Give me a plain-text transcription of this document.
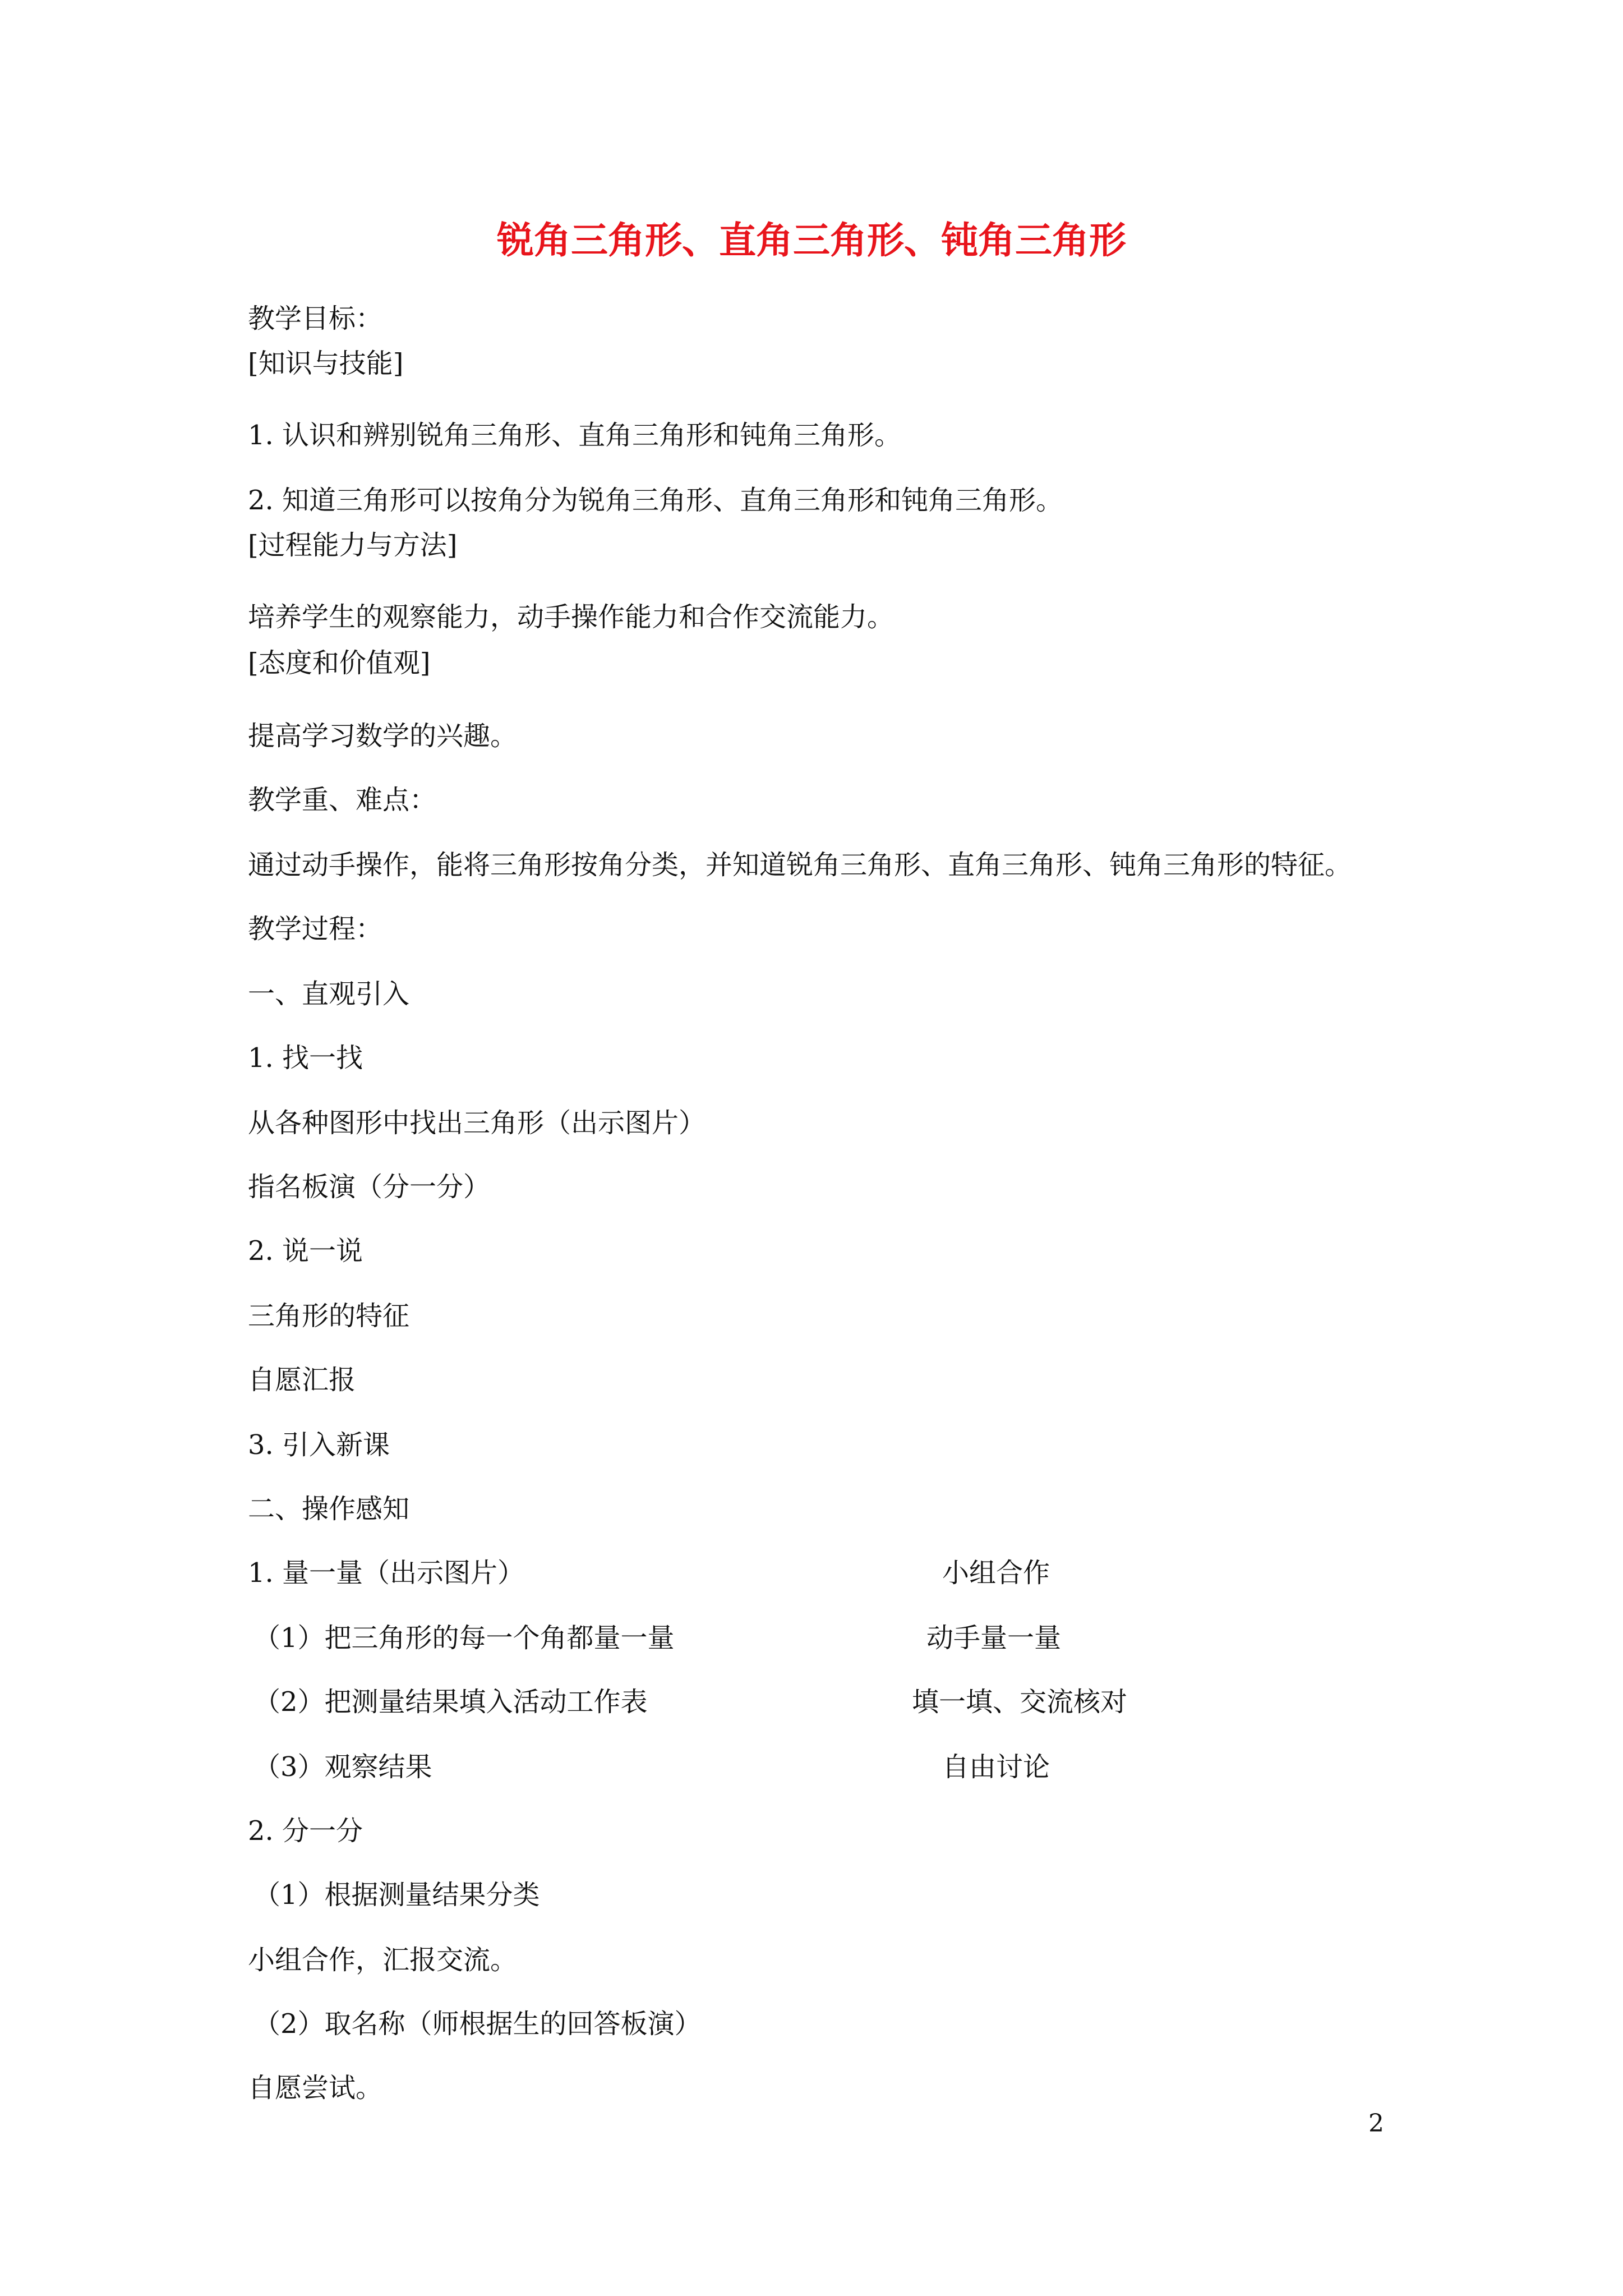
锐角三角形、直角三角形、钝角三角形
教学目标：
[知识与技能]
1. 认识和辨别锐角三角形、直角三角形和钝角三角形。
2. 知道三角形可以按角分为锐角三角形、直角三角形和钝角三角形。
[过程能力与方法]
培养学生的观察能力，动手操作能力和合作交流能力。
[态度和价值观]
提高学习数学的兴趣。
教学重、难点：
通过动手操作，能将三角形按角分类，并知道锐角三角形、直角三角形、钝角三角形的特征。
教学过程：
一、直观引入
1. 找一找
从各种图形中找出三角形（出示图片）
指名板演（分一分）
2. 说一说
三角形的特征
自愿汇报
3. 引入新课
二、操作感知
1. 量一量（出示图片）
（1）把三角形的每一个角都量一量
（2）把测量结果填入活动工作表
（3）观察结果
2. 分一分
（1）根据测量结果分类
小组合作，汇报交流。
（2）取名称（师根据生的回答板演）
自愿尝试。
小组合作
动手量一量
填一填、交流核对
自由讨论
2
